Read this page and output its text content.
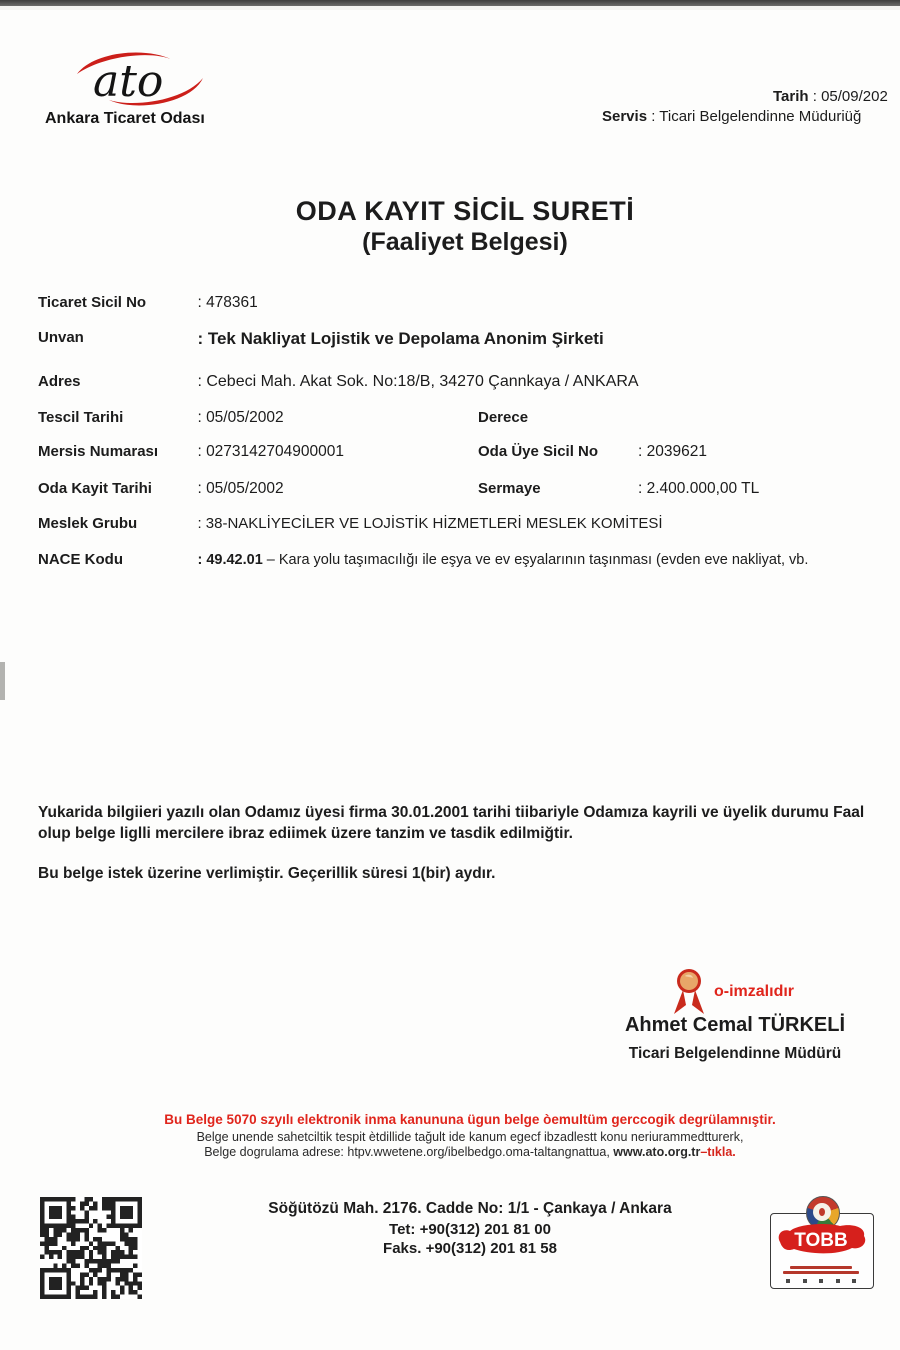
ato
Ankara Ticaret Odası
Tarih : 05/09/202
Servis : Ticari Belgelendinne Müduriüğ
ODA KAYIT SİCİL SURETİ
(Faaliyet Belgesi)
Ticaret Sicil No	: 478361
Unvan	: Tek Nakliyat Lojistik ve Depolama Anonim Şirketi
Adres	: Cebeci Mah. Akat Sok. No:18/B, 34270 Çannkaya / ANKARA
Tescil Tarihi	: 05/05/2002	Derece
Mersis Numarası	: 0273142704900001	Oda Üye Sicil No	: 2039621
Oda Kayit Tarihi	: 05/05/2002	Sermaye	: 2.400.000,00 TL
Meslek Grubu	: 38-NAKLİYECİLER VE LOJİSTİK HİZMETLERİ MESLEK KOMİTESİ
NACE Kodu	: 49.42.01 – Kara yolu taşımacılığı ile eşya ve ev eşyalarının taşınması (evden eve nakliyat, vb.
Yukarida bilgiieri yazılı olan Odamız üyesi firma 30.01.2001 tarihi tiibariyle Odamıza kayrili ve üyelik durumu Faal olup belge liglli mercilere ibraz ediimek üzere tanzim ve tasdik edilmiğtir.
Bu belge istek üzerine verlimiştir. Geçerillik süresi 1(bir) aydır.
o-imzalıdır
Ahmet Cemal TÜRKELİ
Ticari Belgelendinne Müdürü
Bu Belge 5070 szyılı elektronik inma kanununa ügun belge òemultüm gerccogik degrülamnıştir.
Belge unende sahetciltik tespit ètdillide tağult ide kanum egecf ibzadlestt konu neriurammedtturerk,
Belge dogrulama adrese: htpv.wwetene.org/ibelbedgo.oma-taltangnattua, www.ato.org.tr–tıkla.
Söğütözü Mah. 2176. Cadde No: 1/1 - Çankaya / Ankara
Tet: +90(312) 201 81 00
Faks. +90(312) 201 81 58	TOBB
